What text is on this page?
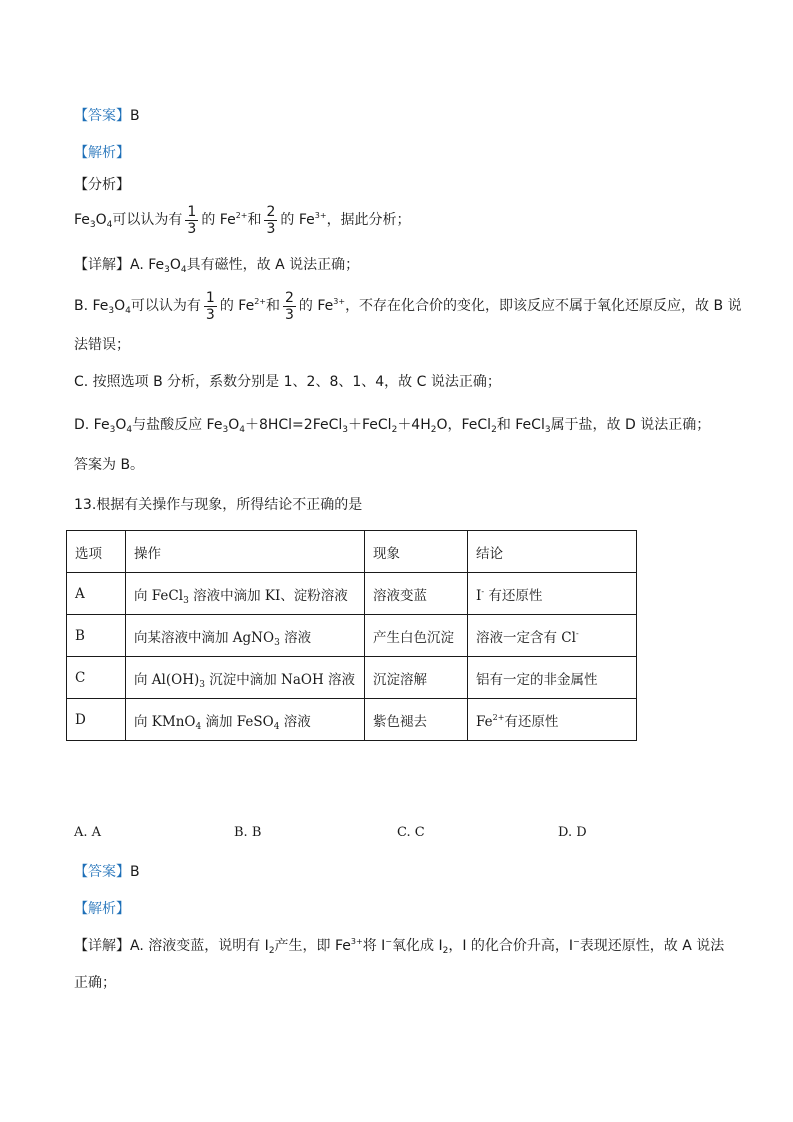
【答案】B
【解析】
【分析】
$Fe_3O_4$可以认为有 $\frac{1}{3}$ 的 $Fe^{2+}$和 $\frac{2}{3}$ 的 $Fe^{3+}$，据此分析；
【详解】A. $Fe_3O_4$具有磁性，故 A 说法正确；
B. $Fe_3O_4$可以认为有 $\frac{1}{3}$ 的 $Fe^{2+}$和 $\frac{2}{3}$ 的 $Fe^{3+}$，不存在化合价的变化，即该反应不属于氧化还原反应，故 B 说
法错误；
C. 按照选项 B 分析，系数分别是 1、2、8、1、4，故 C 说法正确；
D. $Fe_3O_4$与盐酸反应 $Fe_3O_4+8HCl=2FeCl_3+FeCl_2+4H_2O$，FeCl$_2$和 FeCl$_3$属于盐，故 D 说法正确；
答案为 B。
13.根据有关操作与现象，所得结论不正确的是
选项	操作	现象	结论
A	向 FeCl$_3$ 溶液中滴加 KI、淀粉溶液	溶液变蓝	I- 有还原性
B	向某溶液中滴加 AgNO$_3$ 溶液	产生白色沉淀	溶液一定含有 Cl-
C	向 $Al(OH)_3$ 沉淀中滴加 NaOH 溶液	沉淀溶解	铝有一定的非金属性
D	向 KMnO$_4$ 滴加 FeSO$_4$ 溶液	紫色褪去	$Fe^{2+}$有还原性
A. A	B. B	C. C	D. D
【答案】B
【解析】
【详解】A. 溶液变蓝，说明有 $I_2$产生，即 $Fe^{3+}$将 I−氧化成 $I_2$，I 的化合价升高，I−表现还原性，故 A 说法
正确；
